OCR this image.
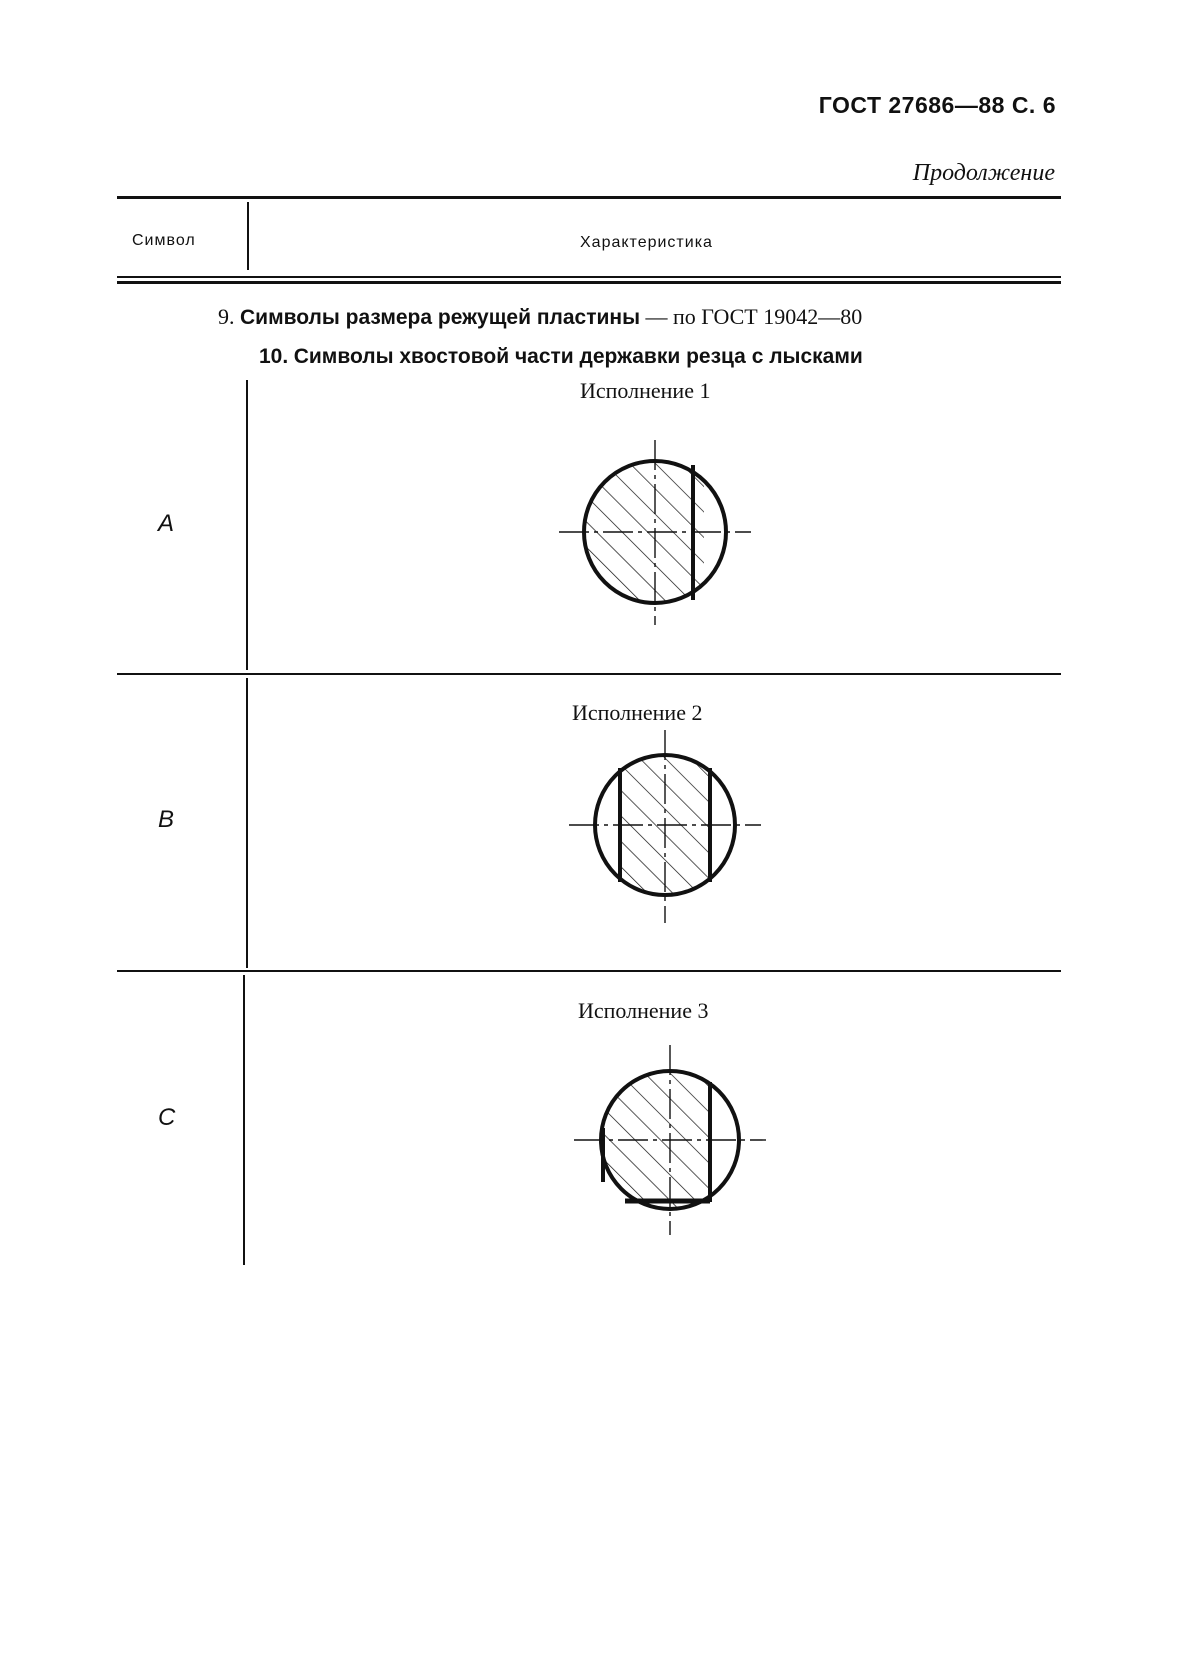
ГОСТ 27686—88 С. 6
Продолжение
Символ	Характеристика
9. Символы размера режущей пластины — по ГОСТ 19042—80
10. Символы хвостовой части державки резца с лысками
Исполнение 1
A
Исполнение 2
B
Исполнение 3
C
